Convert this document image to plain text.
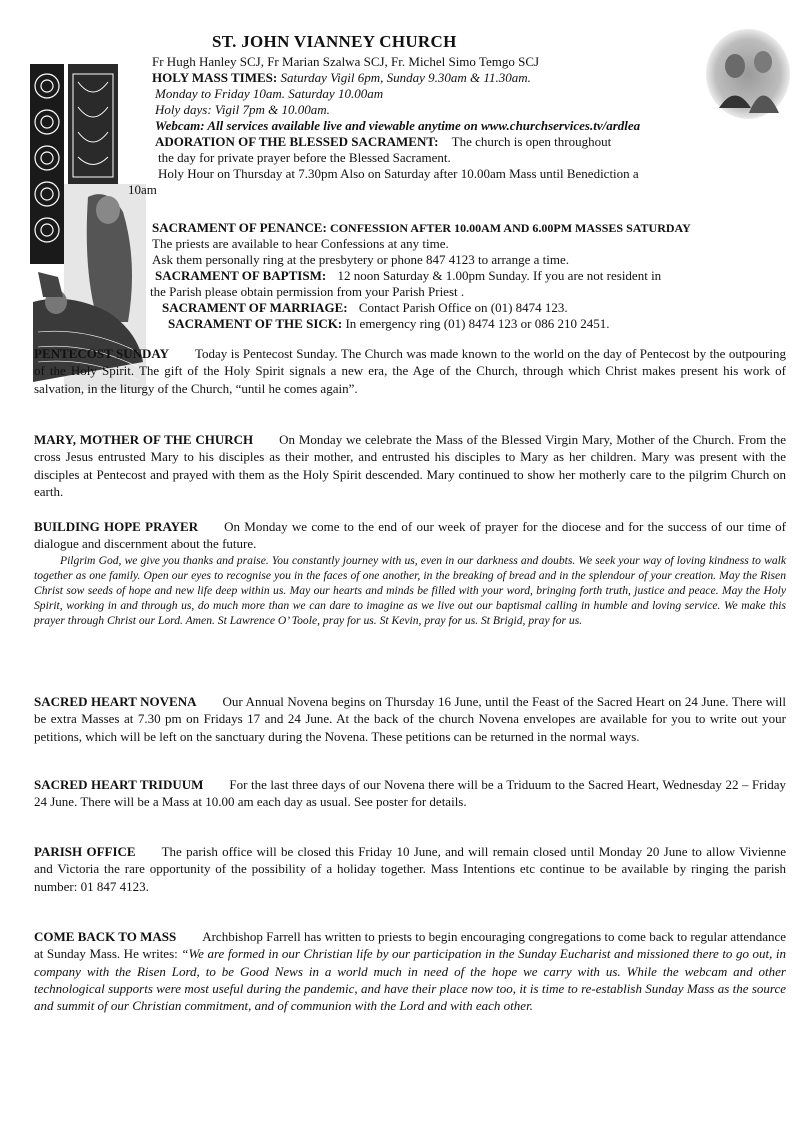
ST. JOHN VIANNEY CHURCH
Fr Hugh Hanley SCJ, Fr Marian Szalwa SCJ, Fr. Michel Simo Temgo SCJ
HOLY MASS TIMES: Saturday Vigil 6pm, Sunday 9.30am & 11.30am.
Monday to Friday 10am. Saturday 10.00am
Holy days: Vigil 7pm & 10.00am.
Webcam: All services available live and viewable anytime on www.churchservices.tv/ardlea
ADORATION OF THE BLESSED SACRAMENT: The church is open throughout
the day for private prayer before the Blessed Sacrament.
Holy Hour on Thursday at 7.30pm Also on Saturday after 10.00am Mass until Benediction a
10am
SACRAMENT OF PENANCE: CONFESSION AFTER 10.00AM AND 6.00PM MASSES SATURDAY
The priests are available to hear Confessions at any time.
Ask them personally ring at the presbytery or phone 847 4123 to arrange a time.
SACRAMENT OF BAPTISM: 12 noon Saturday & 1.00pm Sunday. If you are not resident in
the Parish please obtain permission from your Parish Priest .
SACRAMENT OF MARRIAGE: Contact Parish Office on (01) 8474 123.
SACRAMENT OF THE SICK: In emergency ring (01) 8474 123 or 086 210 2451.
PENTECOST SUNDAY Today is Pentecost Sunday. The Church was made known to the world on the day of Pentecost by the outpouring of the Holy Spirit. The gift of the Holy Spirit signals a new era, the Age of the Church, through which Christ makes present his work of salvation, in the liturgy of the Church, “until he comes again”.
MARY, MOTHER OF THE CHURCH On Monday we celebrate the Mass of the Blessed Virgin Mary, Mother of the Church. From the cross Jesus entrusted Mary to his disciples as their mother, and entrusted his disciples to Mary as her children. Mary was present with the disciples at Pentecost and prayed with them as the Holy Spirit descended. Mary continued to show her motherly care to the pilgrim Church on earth.
BUILDING HOPE PRAYER On Monday we come to the end of our week of prayer for the diocese and for the success of our time of dialogue and discernment about the future.

Pilgrim God, we give you thanks and praise. You constantly journey with us, even in our darkness and doubts. We seek your way of loving kindness to walk together as one family. Open our eyes to recognise you in the faces of one another, in the breaking of bread and in the splendour of your creation. May the Risen Christ sow seeds of hope and new life deep within us. May our hearts and minds be filled with your word, bringing forth truth, justice and peace. May the Holy Spirit, working in and through us, do much more than we can dare to imagine as we live out our baptismal calling in humble and loving service. We make this prayer through Christ our Lord. Amen. St Lawrence O’ Toole, pray for us. St Kevin, pray for us. St Brigid, pray for us.

SACRED HEART NOVENA Our Annual Novena begins on Thursday 16 June, until the Feast of the Sacred Heart on 24 June. There will be extra Masses at 7.30 pm on Fridays 17 and 24 June. At the back of the church Novena envelopes are available for you to write out your petitions, which will be left on the sanctuary during the Novena. These petitions can be returned in the normal ways.
SACRED HEART TRIDUUM For the last three days of our Novena there will be a Triduum to the Sacred Heart, Wednesday 22 – Friday 24 June. There will be a Mass at 10.00 am each day as usual. See poster for details.
PARISH OFFICE The parish office will be closed this Friday 10 June, and will remain closed until Monday 20 June to allow Vivienne and Victoria the rare opportunity of the possibility of a holiday together. Mass Intentions etc continue to be available by ringing the parish number: 01 847 4123.
COME BACK TO MASS Archbishop Farrell has written to priests to begin encouraging congregations to come back to regular attendance at Sunday Mass. He writes: “We are formed in our Christian life by our participation in the Sunday Eucharist and missioned there to go out, in company with the Risen Lord, to be Good News in a world much in need of the hope we carry with us. While the webcam and other technological supports were most useful during the pandemic, and have their place now too, it is time to re-establish Sunday Mass as the source and summit of our Christian commitment, and of communion with the Lord and with each other.
